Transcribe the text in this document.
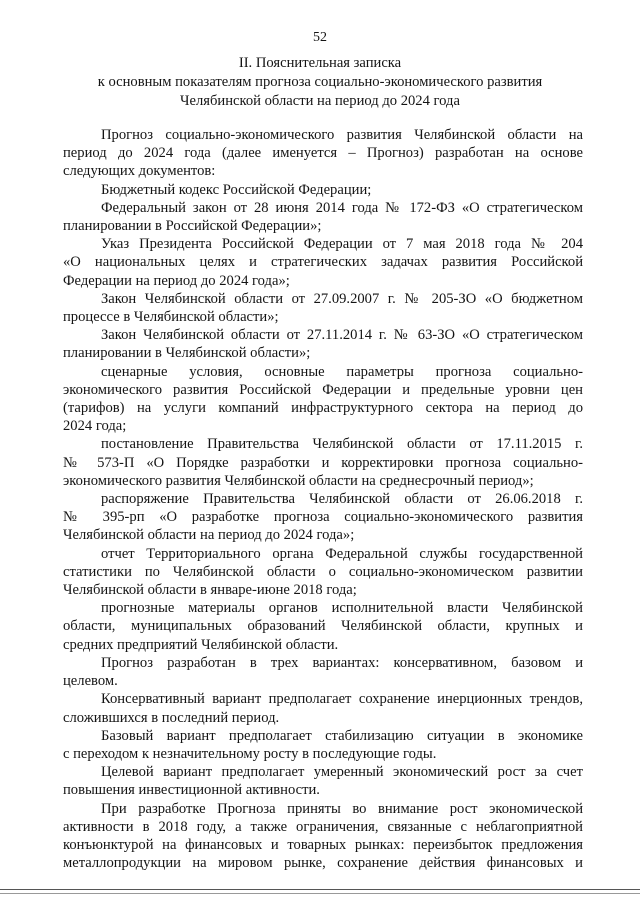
52
II. Пояснительная записка
к основным показателям прогноза социально-экономического развития
Челябинской области на период до 2024 года
Прогноз социально-экономического развития Челябинской области на
период до 2024 года (далее именуется – Прогноз) разработан на основе
следующих документов:
Бюджетный кодекс Российской Федерации;
Федеральный закон от 28 июня 2014 года № 172-ФЗ «О стратегическом
планировании в Российской Федерации»;
Указ Президента Российской Федерации от 7 мая 2018 года № 204
«О национальных целях и стратегических задачах развития Российской
Федерации на период до 2024 года»;
Закон Челябинской области от 27.09.2007 г. № 205-ЗО «О бюджетном
процессе в Челябинской области»;
Закон Челябинской области от 27.11.2014 г. № 63-ЗО «О стратегическом
планировании в Челябинской области»;
сценарные условия, основные параметры прогноза социально-
экономического развития Российской Федерации и предельные уровни цен
(тарифов) на услуги компаний инфраструктурного сектора на период до
2024 года;
постановление Правительства Челябинской области от 17.11.2015 г.
№ 573-П «О Порядке разработки и корректировки прогноза социально-
экономического развития Челябинской области на среднесрочный период»;
распоряжение Правительства Челябинской области от 26.06.2018 г.
№ 395-рп «О разработке прогноза социально-экономического развития
Челябинской области на период до 2024 года»;
отчет Территориального органа Федеральной службы государственной
статистики по Челябинской области о социально-экономическом развитии
Челябинской области в январе-июне 2018 года;
прогнозные материалы органов исполнительной власти Челябинской
области, муниципальных образований Челябинской области, крупных и
средних предприятий Челябинской области.
Прогноз разработан в трех вариантах: консервативном, базовом и
целевом.
Консервативный вариант предполагает сохранение инерционных трендов,
сложившихся в последний период.
Базовый вариант предполагает стабилизацию ситуации в экономике
с переходом к незначительному росту в последующие годы.
Целевой вариант предполагает умеренный экономический рост за счет
повышения инвестиционной активности.
При разработке Прогноза приняты во внимание рост экономической
активности в 2018 году, а также ограничения, связанные с неблагоприятной
конъюнктурой на финансовых и товарных рынках: переизбыток предложения
металлопродукции на мировом рынке, сохранение действия финансовых и
